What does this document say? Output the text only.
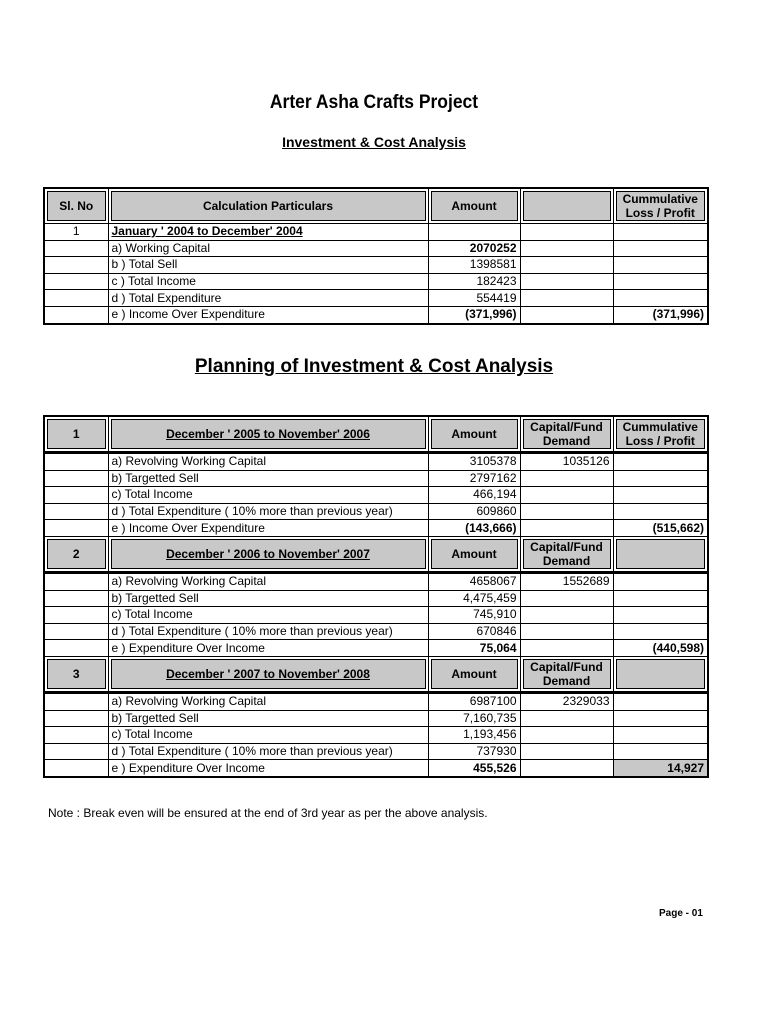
Arter Asha Crafts Project
Investment & Cost Analysis
Sl. No	Calculation Particulars	Amount		Cummulative Loss / Profit
1	January ' 2004 to December' 2004			
	a) Working Capital	2070252		
	b ) Total Sell	1398581		
	c ) Total Income	182423		
	d ) Total Expenditure	554419		
	e ) Income Over Expenditure	(371,996)		(371,996)
Planning of Investment & Cost Analysis
1	December ' 2005 to November' 2006	Amount	Capital/Fund Demand	Cummulative Loss / Profit
	a) Revolving Working Capital	3105378	1035126	
	b) Targetted Sell	2797162		
	c) Total Income	466,194		
	d ) Total Expenditure ( 10% more than previous year)	609860		
	e ) Income Over Expenditure	(143,666)		(515,662)
2	December ' 2006 to November' 2007	Amount	Capital/Fund Demand	
	a) Revolving Working Capital	4658067	1552689	
	b) Targetted Sell	4,475,459		
	c) Total Income	745,910		
	d ) Total Expenditure ( 10% more than previous year)	670846		
	e ) Expenditure Over Income	75,064		(440,598)
3	December ' 2007 to November' 2008	Amount	Capital/Fund Demand	
	a) Revolving Working Capital	6987100	2329033	
	b) Targetted Sell	7,160,735		
	c) Total Income	1,193,456		
	d ) Total Expenditure ( 10% more than previous year)	737930		
	e ) Expenditure Over Income	455,526		14,927
Note : Break even will be ensured at the end of 3rd year as per the above analysis.
Page - 01
